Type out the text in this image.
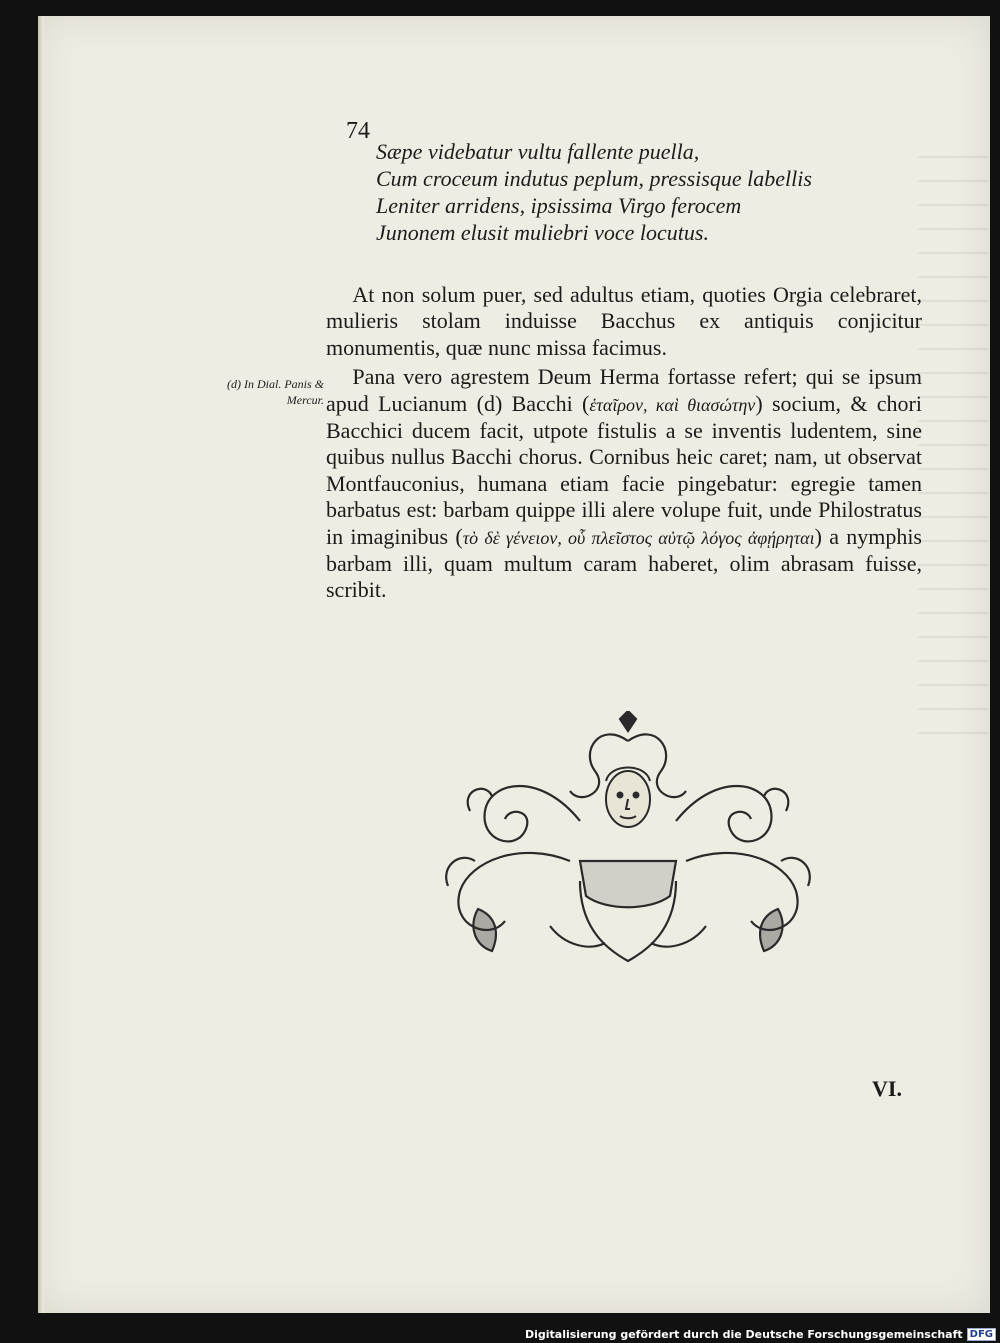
74
Sæpe videbatur vultu fallente puella,
Cum croceum indutus peplum, pressisque labellis
Leniter arridens, ipsissima Virgo ferocem
Junonem elusit muliebri voce locutus.

At non solum puer, sed adultus etiam, quoties Orgia celebraret, mulieris stolam induisse Bacchus ex antiquis conjicitur monumentis, quæ nunc missa facimus.

Pana vero agrestem Deum Herma fortasse refert; qui se ipsum apud Lucianum (d) Bacchi (ἑταῖρον, καὶ θιασώτην) socium, & chori Bacchici ducem facit, utpote fistulis a se inventis ludentem, sine quibus nullus Bacchi chorus. Cornibus heic caret; nam, ut observat Montfauconius, humana etiam facie pingebatur: egregie tamen barbatus est: barbam quippe illi alere volupe fuit, unde Philostratus in imaginibus (τὸ δὲ γένειον, οὗ πλεῖστος αὐτῷ λόγος ἀφῄρηται) a nymphis barbam illi, quam multum caram haberet, olim abrasam fuisse, scribit.

(d) In Dial. Panis & Mercur.
VI.
Digitalisierung gefördert durch die Deutsche Forschungsgemeinschaft DFG
